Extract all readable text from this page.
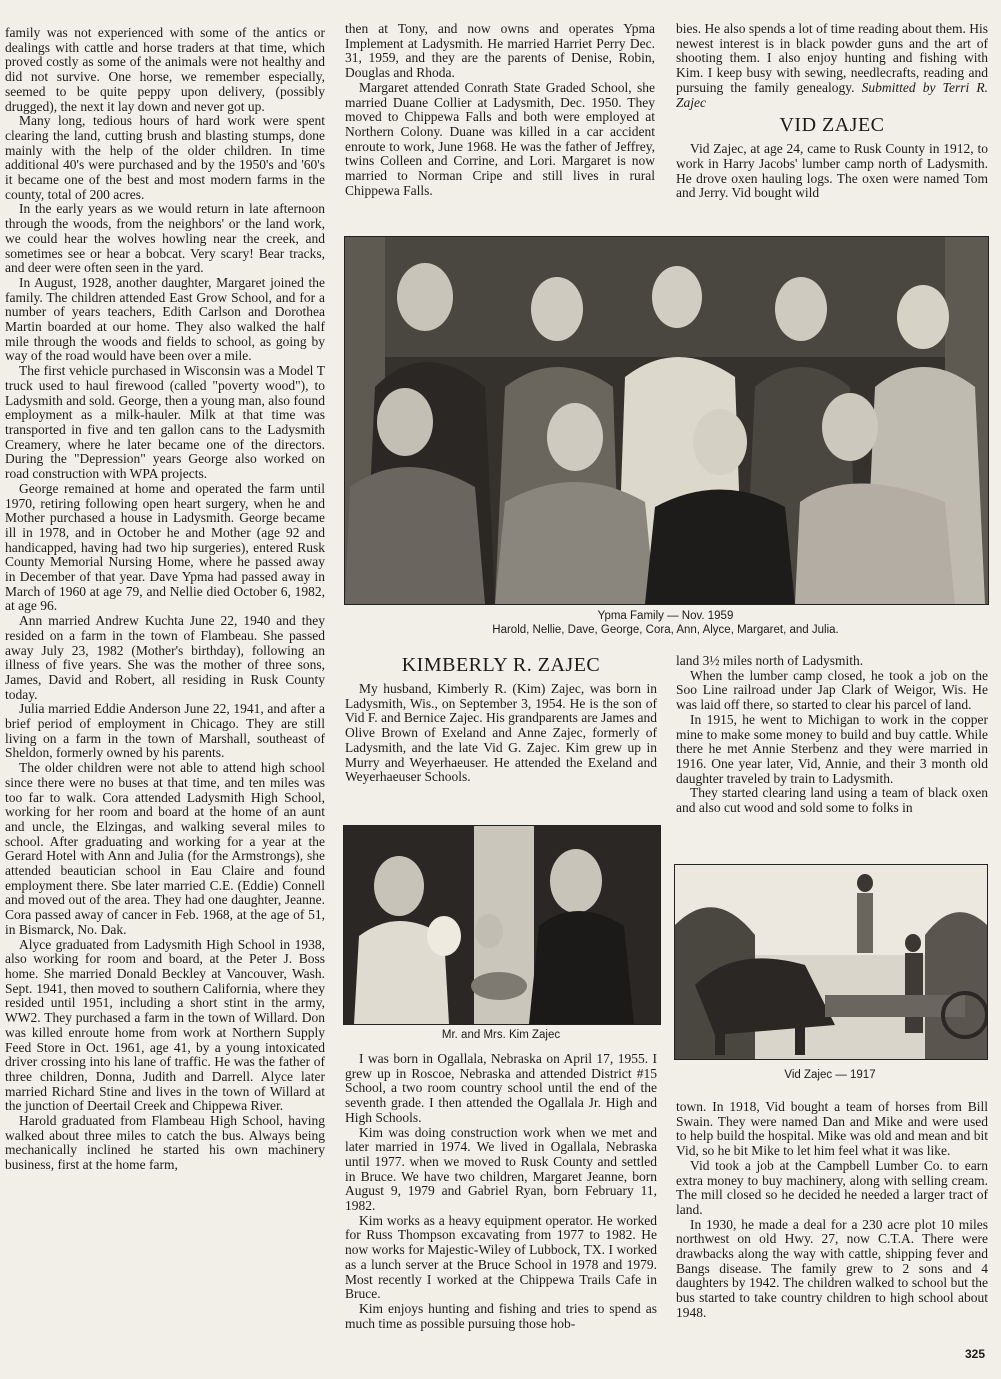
family was not experienced with some of the antics or dealings with cattle and horse traders at that time, which proved costly as some of the animals were not healthy and did not survive. One horse, we remember especially, seemed to be quite peppy upon delivery, (possibly drugged), the next it lay down and never got up.

Many long, tedious hours of hard work were spent clearing the land, cutting brush and blasting stumps, done mainly with the help of the older children. In time additional 40's were purchased and by the 1950's and '60's it became one of the best and most modern farms in the county, total of 200 acres.

In the early years as we would return in late afternoon through the woods, from the neighbors' or the land work, we could hear the wolves howling near the creek, and sometimes see or hear a bobcat. Very scary! Bear tracks, and deer were often seen in the yard.

In August, 1928, another daughter, Margaret joined the family. The children attended East Grow School, and for a number of years teachers, Edith Carlson and Dorothea Martin boarded at our home. They also walked the half mile through the woods and fields to school, as going by way of the road would have been over a mile.

The first vehicle purchased in Wisconsin was a Model T truck used to haul firewood (called "poverty wood"), to Ladysmith and sold. George, then a young man, also found employment as a milk-hauler. Milk at that time was transported in five and ten gallon cans to the Ladysmith Creamery, where he later became one of the directors. During the "Depression" years George also worked on road construction with WPA projects.

George remained at home and operated the farm until 1970, retiring following open heart surgery, when he and Mother purchased a house in Ladysmith. George became ill in 1978, and in October he and Mother (age 92 and handicapped, having had two hip surgeries), entered Rusk County Memorial Nursing Home, where he passed away in December of that year. Dave Ypma had passed away in March of 1960 at age 79, and Nellie died October 6, 1982, at age 96.

Ann married Andrew Kuchta June 22, 1940 and they resided on a farm in the town of Flambeau. She passed away July 23, 1982 (Mother's birthday), following an illness of five years. She was the mother of three sons, James, David and Robert, all residing in Rusk County today.

Julia married Eddie Anderson June 22, 1941, and after a brief period of employment in Chicago. They are still living on a farm in the town of Marshall, southeast of Sheldon, formerly owned by his parents.

The older children were not able to attend high school since there were no buses at that time, and ten miles was too far to walk. Cora attended Ladysmith High School, working for her room and board at the home of an aunt and uncle, the Elzingas, and walking several miles to school. After graduating and working for a year at the Gerard Hotel with Ann and Julia (for the Armstrongs), she attended beautician school in Eau Claire and found employment there. Sbe later married C.E. (Eddie) Connell and moved out of the area. They had one daughter, Jeanne. Cora passed away of cancer in Feb. 1968, at the age of 51, in Bismarck, No. Dak.

Alyce graduated from Ladysmith High School in 1938, also working for room and board, at the Peter J. Boss home. She married Donald Beckley at Vancouver, Wash. Sept. 1941, then moved to southern California, where they resided until 1951, including a short stint in the army, WW2. They purchased a farm in the town of Willard. Don was killed enroute home from work at Northern Supply Feed Store in Oct. 1961, age 41, by a young intoxicated driver crossing into his lane of traffic. He was the father of three children, Donna, Judith and Darrell. Alyce later married Richard Stine and lives in the town of Willard at the junction of Deertail Creek and Chippewa River.

Harold graduated from Flambeau High School, having walked about three miles to catch the bus. Always being mechanically inclined he started his own machinery business, first at the home farm,

then at Tony, and now owns and operates Ypma Implement at Ladysmith. He married Harriet Perry Dec. 31, 1959, and they are the parents of Denise, Robin, Douglas and Rhoda.

Margaret attended Conrath State Graded School, she married Duane Collier at Ladysmith, Dec. 1950. They moved to Chippewa Falls and both were employed at Northern Colony. Duane was killed in a car accident enroute to work, June 1968. He was the father of Jeffrey, twins Colleen and Corrine, and Lori. Margaret is now married to Norman Cripe and still lives in rural Chippewa Falls.

bies. He also spends a lot of time reading about them. His newest interest is in black powder guns and the art of shooting them. I also enjoy hunting and fishing with Kim. I keep busy with sewing, needlecrafts, reading and pursuing the family genealogy. Submitted by Terri R. Zajec

VID ZAJEC

Vid Zajec, at age 24, came to Rusk County in 1912, to work in Harry Jacobs' lumber camp north of Ladysmith. He drove oxen hauling logs. The oxen were named Tom and Jerry. Vid bought wild

Ypma Family — Nov. 1959
Harold, Nellie, Dave, George, Cora, Ann, Alyce, Margaret, and Julia.
KIMBERLY R. ZAJEC

My husband, Kimberly R. (Kim) Zajec, was born in Ladysmith, Wis., on September 3, 1954. He is the son of Vid F. and Bernice Zajec. His grandparents are James and Olive Brown of Exeland and Anne Zajec, formerly of Ladysmith, and the late Vid G. Zajec. Kim grew up in Murry and Weyerhaeuser. He attended the Exeland and Weyerhaeuser Schools.

Mr. and Mrs. Kim Zajec

I was born in Ogallala, Nebraska on April 17, 1955. I grew up in Roscoe, Nebraska and attended District #15 School, a two room country school until the end of the seventh grade. I then attended the Ogallala Jr. High and High Schools.

Kim was doing construction work when we met and later married in 1974. We lived in Ogallala, Nebraska until 1977. when we moved to Rusk County and settled in Bruce. We have two children, Margaret Jeanne, born August 9, 1979 and Gabriel Ryan, born February 11, 1982.

Kim works as a heavy equipment operator. He worked for Russ Thompson excavating from 1977 to 1982. He now works for Majestic-Wiley of Lubbock, TX. I worked as a lunch server at the Bruce School in 1978 and 1979. Most recently I worked at the Chippewa Trails Cafe in Bruce.

Kim enjoys hunting and fishing and tries to spend as much time as possible pursuing those hob-

land 3½ miles north of Ladysmith.

When the lumber camp closed, he took a job on the Soo Line railroad under Jap Clark of Weigor, Wis. He was laid off there, so started to clear his parcel of land.

In 1915, he went to Michigan to work in the copper mine to make some money to build and buy cattle. While there he met Annie Sterbenz and they were married in 1916. One year later, Vid, Annie, and their 3 month old daughter traveled by train to Ladysmith.

They started clearing land using a team of black oxen and also cut wood and sold some to folks in

Vid Zajec — 1917

town. In 1918, Vid bought a team of horses from Bill Swain. They were named Dan and Mike and were used to help build the hospital. Mike was old and mean and bit Vid, so he bit Mike to let him feel what it was like.

Vid took a job at the Campbell Lumber Co. to earn extra money to buy machinery, along with selling cream. The mill closed so he decided he needed a larger tract of land.

In 1930, he made a deal for a 230 acre plot 10 miles northwest on old Hwy. 27, now C.T.A. There were drawbacks along the way with cattle, shipping fever and Bangs disease. The family grew to 2 sons and 4 daughters by 1942. The children walked to school but the bus started to take country children to high school about 1948.

325
